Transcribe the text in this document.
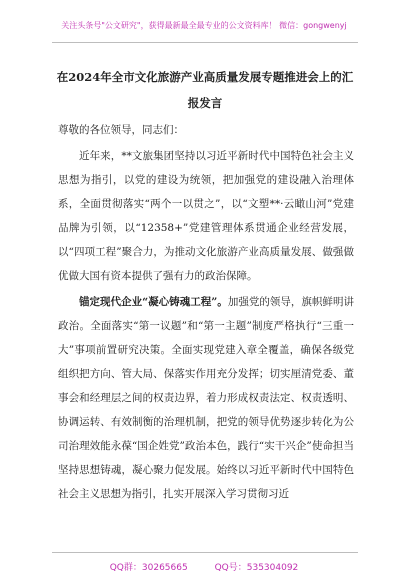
关注头条号"公文研究"，获得最新最全最专业的公文资料库！ 微信：gongwenyj
在2024年全市文化旅游产业高质量发展专题推进会上的汇报发言

尊敬的各位领导，同志们：

近年来，**文旅集团坚持以习近平新时代中国特色社会主义思想为指引，以党的建设为统领，把加强党的建设融入治理体系，全面贯彻落实“两个一以贯之”，以“文塑**·云瞰山河”党建品牌为引领，以“12358+”党建管理体系贯通企业经营发展，以“四项工程”聚合力，为推动文化旅游产业高质量发展、做强做优做大国有资本提供了强有力的政治保障。

锚定现代企业“凝心铸魂工程”。加强党的领导，旗帜鲜明讲政治。全面落实“第一议题”和“第一主题”制度严格执行“三重一大”事项前置研究决策。全面实现党建入章全覆盖，确保各级党组织把方向、管大局、保落实作用充分发挥；切实厘清党委、董事会和经理层之间的权责边界，着力形成权责法定、权责透明、协调运转、有效制衡的治理机制，把党的领导优势逐步转化为公司治理效能永葆“国企姓党”政治本色，践行“实干兴企”使命担当坚持思想铸魂，凝心聚力促发展。始终以习近平新时代中国特色社会主义思想为指引，扎实开展深入学习贯彻习近

QQ群：30265665	QQ号：535304092
